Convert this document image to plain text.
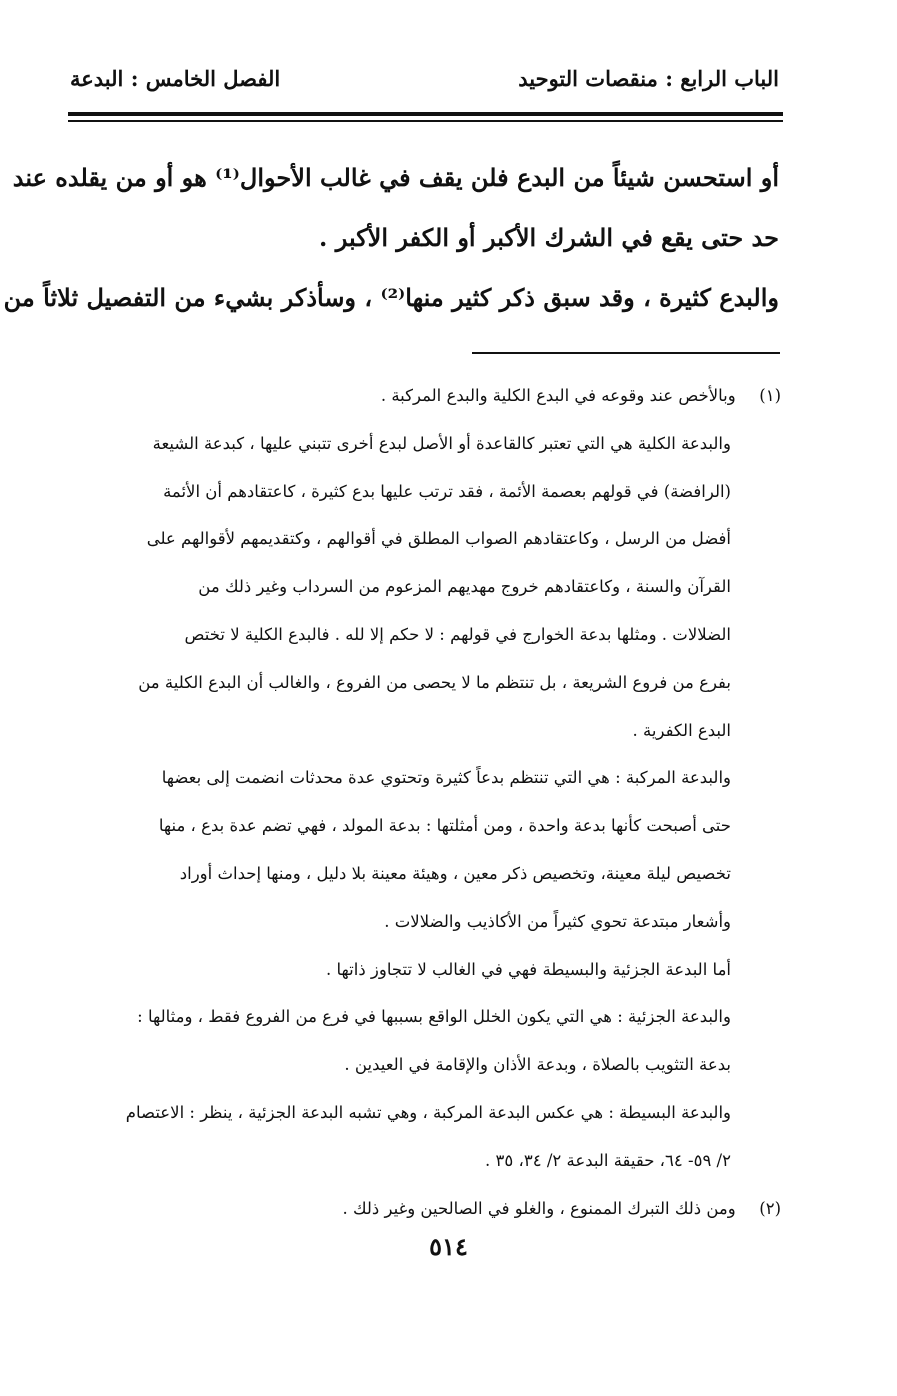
الباب الرابع : منقصات التوحيد
الفصل الخامس : البدعة

أو استحسن شيئاً من البدع فلن يقف في غالب الأحوال⁽¹⁾ هو أو من يقلده عند

حد حتى يقع في الشرك الأكبر أو الكفر الأكبر .

والبدع كثيرة ، وقد سبق ذكر كثير منها⁽²⁾ ، وسأذكر بشيء من التفصيل ثلاثاً من

(١) وبالأخص عند وقوعه في البدع الكلية والبدع المركبة .

والبدعة الكلية هي التي تعتبر كالقاعدة أو الأصل لبدع أخرى تتبني عليها ، كبدعة الشيعة

(الرافضة) في قولهم بعصمة الأئمة ، فقد ترتب عليها بدع كثيرة ، كاعتقادهم أن الأئمة

أفضل من الرسل ، وكاعتقادهم الصواب المطلق في أقوالهم ، وكتقديمهم لأقوالهم على

القرآن والسنة ، وكاعتقادهم خروج مهديهم المزعوم من السرداب وغير ذلك من

الضلالات . ومثلها بدعة الخوارج في قولهم : لا حكم إلا لله . فالبدع الكلية لا تختص

بفرع من فروع الشريعة ، بل تنتظم ما لا يحصى من الفروع ، والغالب أن البدع الكلية من

البدع الكفرية .

والبدعة المركبة : هي التي تنتظم بدعاً كثيرة وتحتوي عدة محدثات انضمت إلى بعضها

حتى أصبحت كأنها بدعة واحدة ، ومن أمثلتها : بدعة المولد ، فهي تضم عدة بدع ، منها

تخصيص ليلة معينة، وتخصيص ذكر معين ، وهيئة معينة بلا دليل ، ومنها إحداث أوراد

وأشعار مبتدعة تحوي كثيراً من الأكاذيب والضلالات .

أما البدعة الجزئية والبسيطة فهي في الغالب لا تتجاوز ذاتها .

والبدعة الجزئية : هي التي يكون الخلل الواقع بسببها في فرع من الفروع فقط ، ومثالها :

بدعة التثويب بالصلاة ، وبدعة الأذان والإقامة في العيدين .

والبدعة البسيطة : هي عكس البدعة المركبة ، وهي تشبه البدعة الجزئية ، ينظر : الاعتصام

٢/ ٥٩- ٦٤، حقيقة البدعة ٢/ ٣٤، ٣٥ .

(٢) ومن ذلك التبرك الممنوع ، والغلو في الصالحين وغير ذلك .

٥١٤
